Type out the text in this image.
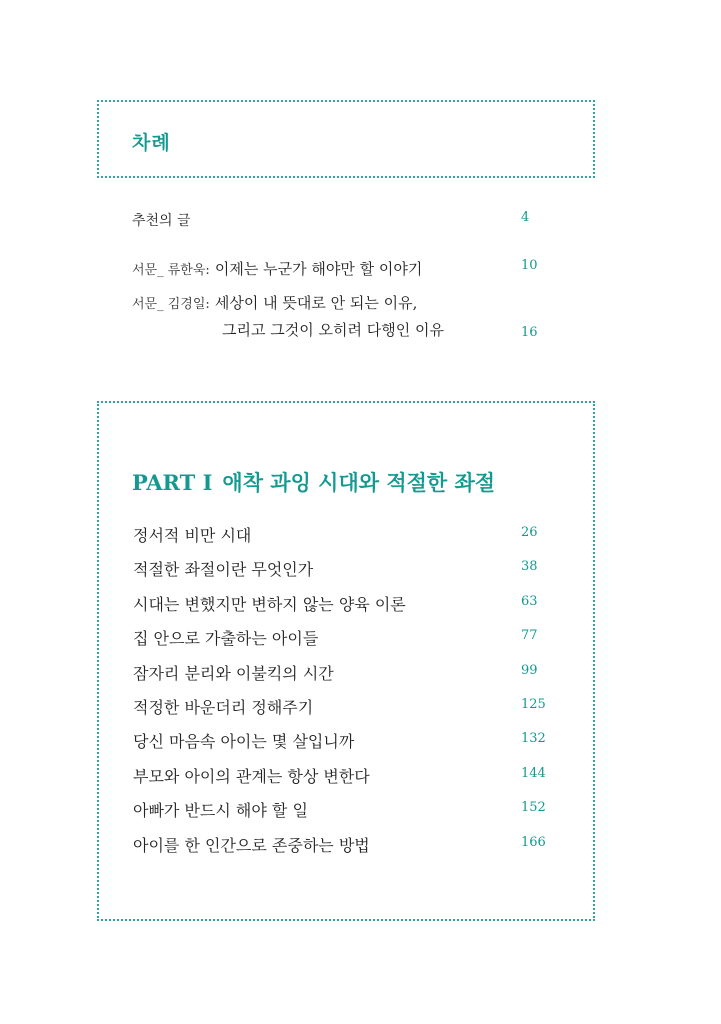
차례
추천의 글	4
서문_ 류한욱: 이제는 누군가 해야만 할 이야기	10
서문_ 김경일: 세상이 내 뜻대로 안 되는 이유,
그리고 그것이 오히려 다행인 이유	16
PART I 애착 과잉 시대와 적절한 좌절
정서적 비만 시대	26
적절한 좌절이란 무엇인가	38
시대는 변했지만 변하지 않는 양육 이론	63
집 안으로 가출하는 아이들	77
잠자리 분리와 이불킥의 시간	99
적정한 바운더리 정해주기	125
당신 마음속 아이는 몇 살입니까	132
부모와 아이의 관계는 항상 변한다	144
아빠가 반드시 해야 할 일	152
아이를 한 인간으로 존중하는 방법	166
